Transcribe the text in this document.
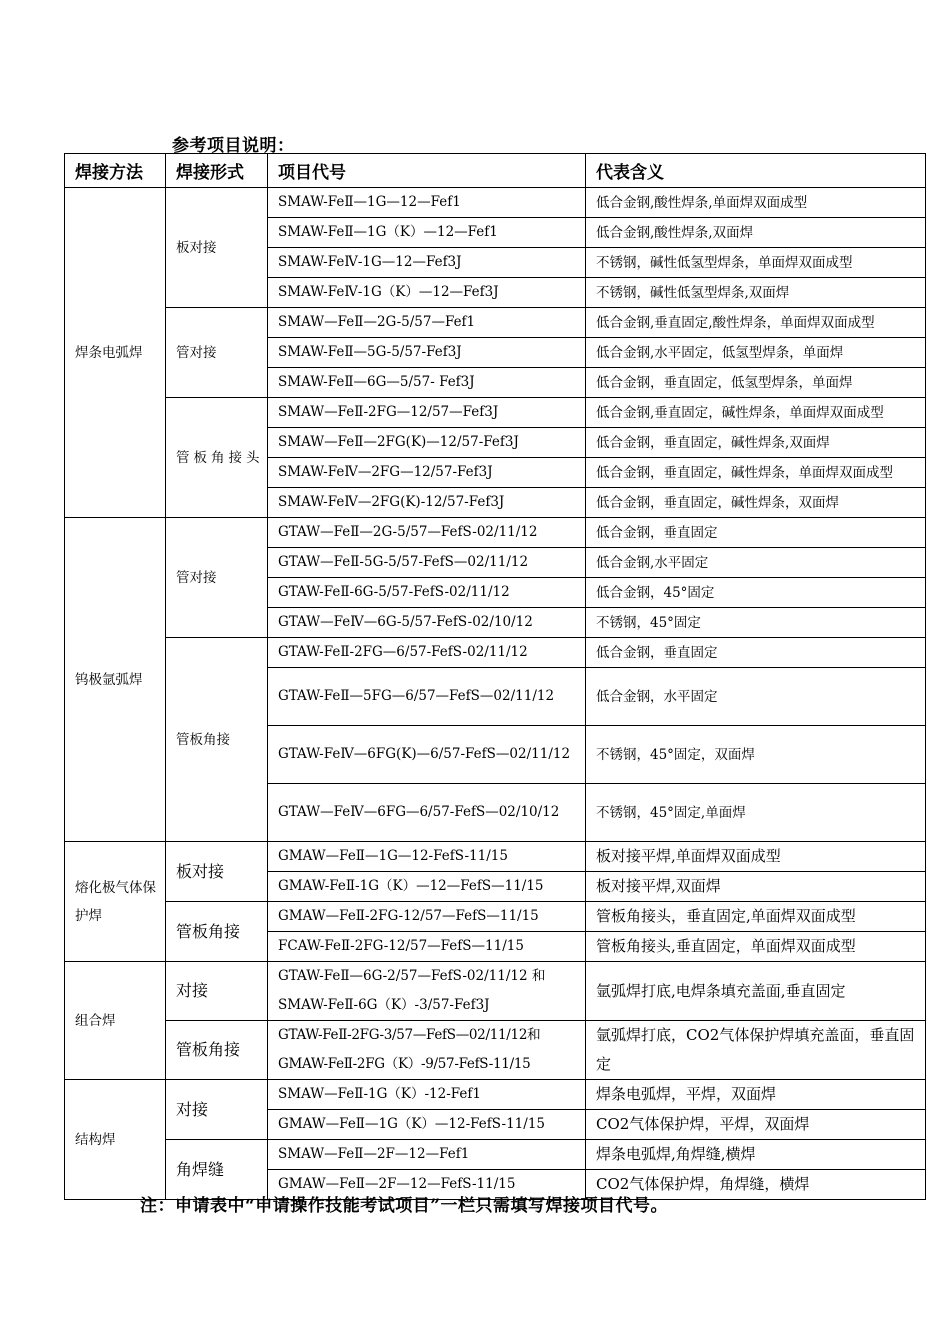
参考项目说明：
焊接方法	焊接形式	项目代号	代表含义
焊条电弧焊	板对接	SMAW-FeⅡ—1G—12—Fef1	低合金钢,酸性焊条,单面焊双面成型
		SMAW-FeⅡ—1G（K）—12—Fef1	低合金钢,酸性焊条,双面焊
		SMAW-FeⅣ-1G—12—Fef3J	不锈钢，碱性低氢型焊条，单面焊双面成型
		SMAW-FeⅣ-1G（K）—12—Fef3J	不锈钢，碱性低氢型焊条,双面焊
	管对接	SMAW—FeⅡ—2G-5/57—Fef1	低合金钢,垂直固定,酸性焊条，单面焊双面成型
		SMAW-FeⅡ—5G-5/57-Fef3J	低合金钢,水平固定，低氢型焊条，单面焊
		SMAW-FeⅡ—6G—5/57- Fef3J	低合金钢，垂直固定，低氢型焊条，单面焊
	管板角接头	SMAW—FeⅡ-2FG—12/57—Fef3J	低合金钢,垂直固定，碱性焊条，单面焊双面成型
		SMAW—FeⅡ—2FG(K)—12/57-Fef3J	低合金钢，垂直固定，碱性焊条,双面焊
		SMAW-FeⅣ—2FG—12/57-Fef3J	低合金钢，垂直固定，碱性焊条，单面焊双面成型
		SMAW-FeⅣ—2FG(K)-12/57-Fef3J	低合金钢，垂直固定，碱性焊条，双面焊
钨极氩弧焊	管对接	GTAW—FeⅡ—2G-5/57—FefS-02/11/12	低合金钢，垂直固定
		GTAW—FeⅡ-5G-5/57-FefS—02/11/12	低合金钢,水平固定
		GTAW-FeⅡ-6G-5/57-FefS-02/11/12	低合金钢，45°固定
		GTAW—FeⅣ—6G-5/57-FefS-02/10/12	不锈钢，45°固定
	管板角接	GTAW-FeⅡ-2FG—6/57-FefS-02/11/12	低合金钢，垂直固定
		GTAW-FeⅡ—5FG—6/57—FefS—02/11/12	低合金钢，水平固定
		GTAW-FeⅣ—6FG(K)—6/57-FefS—02/11/12	不锈钢，45°固定，双面焊
		GTAW—FeⅣ—6FG—6/57-FefS—02/10/12	不锈钢，45°固定,单面焊
熔化极气体保护焊	板对接	GMAW—FeⅡ—1G—12-FefS-11/15	板对接平焊,单面焊双面成型
		GMAW-FeⅡ-1G（K）—12—FefS—11/15	板对接平焊,双面焊
	管板角接	GMAW—FeⅡ-2FG-12/57—FefS—11/15	管板角接头，垂直固定,单面焊双面成型
		FCAW-FeⅡ-2FG-12/57—FefS—11/15	管板角接头,垂直固定，单面焊双面成型
组合焊	对接	GTAW-FeⅡ—6G-2/57—FefS-02/11/12 和SMAW-FeⅡ-6G（K）-3/57-Fef3J	氩弧焊打底,电焊条填充盖面,垂直固定
	管板角接	GTAW-FeⅡ-2FG-3/57—FefS—02/11/12和GMAW-FeⅡ-2FG（K）-9/57-FefS-11/15	氩弧焊打底，CO2气体保护焊填充盖面，垂直固定
结构焊	对接	SMAW—FeⅡ-1G（K）-12-Fef1	焊条电弧焊，平焊，双面焊
		GMAW—FeⅡ—1G（K）—12-FefS-11/15	CO2气体保护焊，平焊，双面焊
	角焊缝	SMAW—FeⅡ—2F—12—Fef1	焊条电弧焊,角焊缝,横焊
		GMAW—FeⅡ—2F—12—FefS-11/15	CO2气体保护焊，角焊缝，横焊
注：申请表中“申请操作技能考试项目”一栏只需填写焊接项目代号。
